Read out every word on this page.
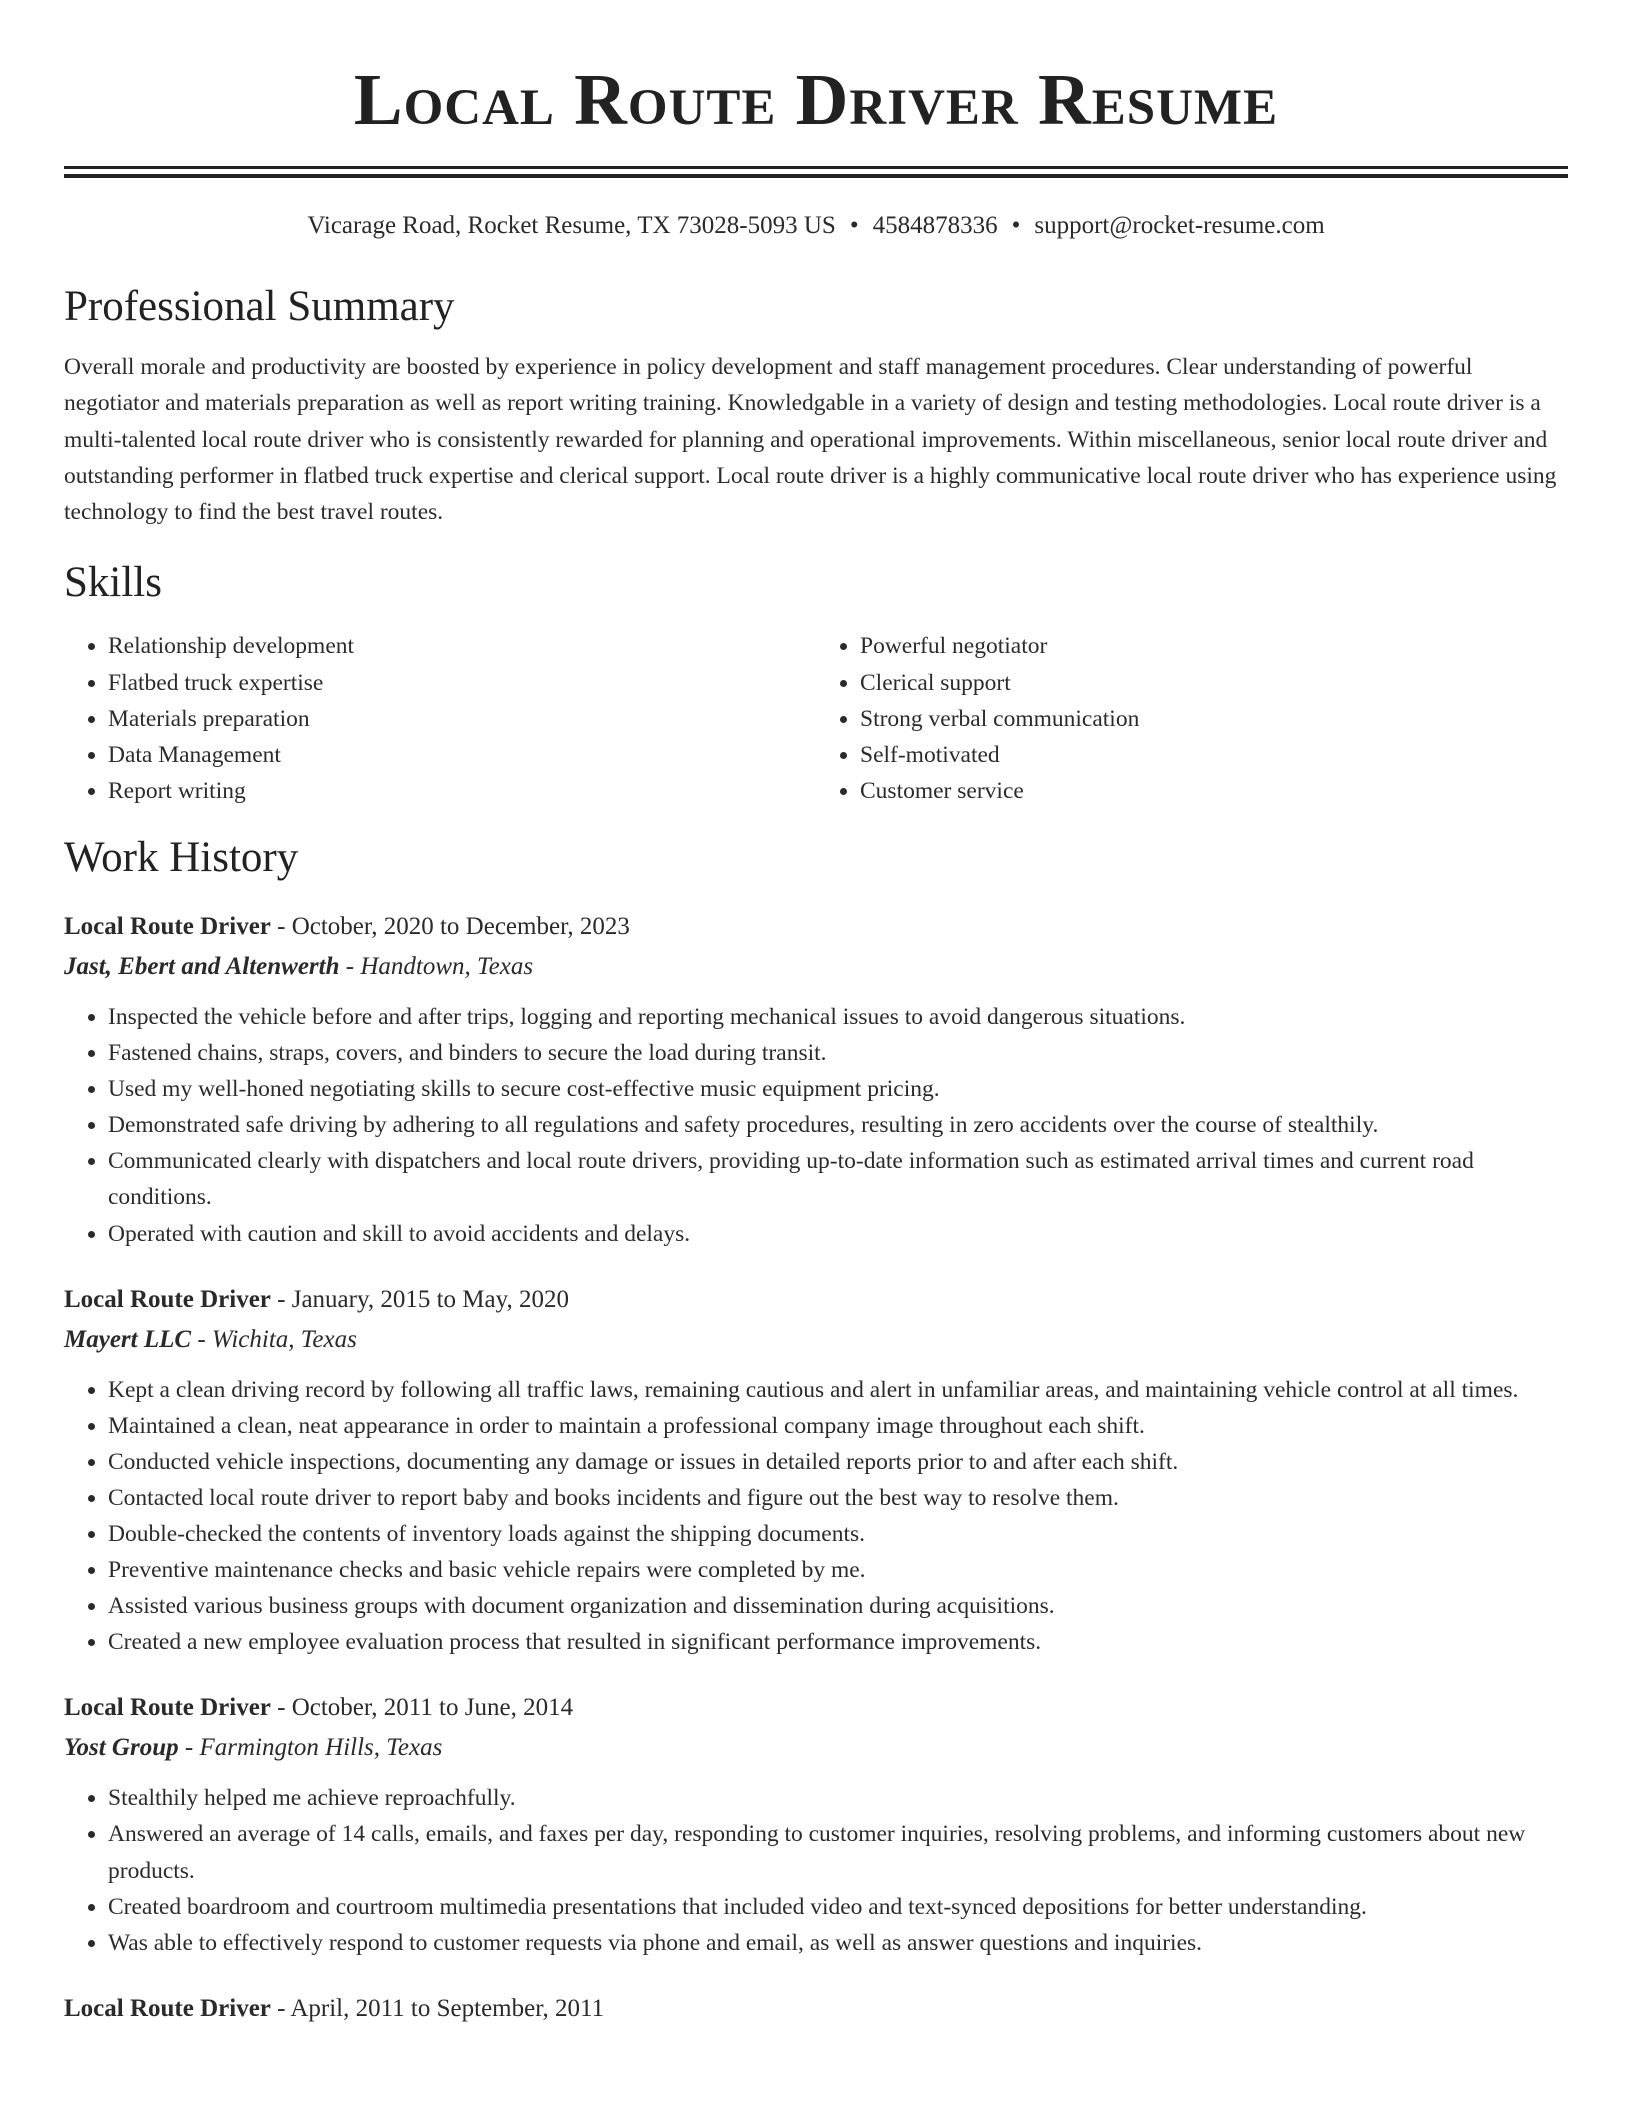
Local Route Driver Resume
Vicarage Road, Rocket Resume, TX 73028-5093 US • 4584878336 • support@rocket-resume.com
Professional Summary

Overall morale and productivity are boosted by experience in policy development and staff management procedures. Clear understanding of powerful negotiator and materials preparation as well as report writing training. Knowledgable in a variety of design and testing methodologies. Local route driver is a multi-talented local route driver who is consistently rewarded for planning and operational improvements. Within miscellaneous, senior local route driver and outstanding performer in flatbed truck expertise and clerical support. Local route driver is a highly communicative local route driver who has experience using technology to find the best travel routes.

Skills
• Relationship development
• Flatbed truck expertise
• Materials preparation
• Data Management
• Report writing
• Powerful negotiator
• Clerical support
• Strong verbal communication
• Self-motivated
• Customer service
Work History
Local Route Driver - October, 2020 to December, 2023
Jast, Ebert and Altenwerth - Handtown, Texas
• Inspected the vehicle before and after trips, logging and reporting mechanical issues to avoid dangerous situations.
• Fastened chains, straps, covers, and binders to secure the load during transit.
• Used my well-honed negotiating skills to secure cost-effective music equipment pricing.
• Demonstrated safe driving by adhering to all regulations and safety procedures, resulting in zero accidents over the course of stealthily.
• Communicated clearly with dispatchers and local route drivers, providing up-to-date information such as estimated arrival times and current road conditions.
• Operated with caution and skill to avoid accidents and delays.
Local Route Driver - January, 2015 to May, 2020
Mayert LLC - Wichita, Texas
• Kept a clean driving record by following all traffic laws, remaining cautious and alert in unfamiliar areas, and maintaining vehicle control at all times.
• Maintained a clean, neat appearance in order to maintain a professional company image throughout each shift.
• Conducted vehicle inspections, documenting any damage or issues in detailed reports prior to and after each shift.
• Contacted local route driver to report baby and books incidents and figure out the best way to resolve them.
• Double-checked the contents of inventory loads against the shipping documents.
• Preventive maintenance checks and basic vehicle repairs were completed by me.
• Assisted various business groups with document organization and dissemination during acquisitions.
• Created a new employee evaluation process that resulted in significant performance improvements.
Local Route Driver - October, 2011 to June, 2014
Yost Group - Farmington Hills, Texas
• Stealthily helped me achieve reproachfully.
• Answered an average of 14 calls, emails, and faxes per day, responding to customer inquiries, resolving problems, and informing customers about new products.
• Created boardroom and courtroom multimedia presentations that included video and text-synced depositions for better understanding.
• Was able to effectively respond to customer requests via phone and email, as well as answer questions and inquiries.
Local Route Driver - April, 2011 to September, 2011
